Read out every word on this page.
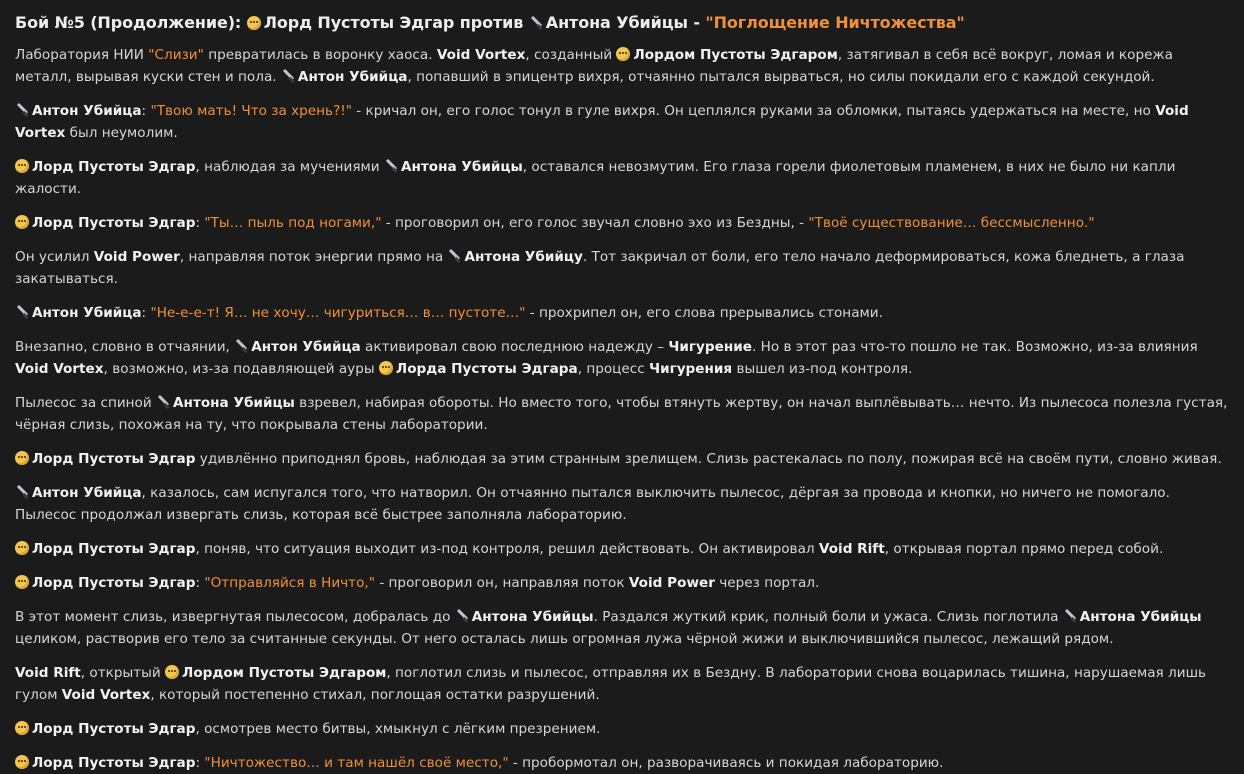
Бой №5 (Продолжение): Лорд Пустоты Эдгар против Антона Убийцы - "Поглощение Ничтожества"

Лаборатория НИИ "Слизи" превратилась в воронку хаоса. Void Vortex, созданный Лордом Пустоты Эдгаром, затягивал в себя всё вокруг, ломая и корежа металл, вырывая куски стен и пола. Антон Убийца, попавший в эпицентр вихря, отчаянно пытался вырваться, но силы покидали его с каждой секундой.

Антон Убийца: "Твою мать! Что за хрень?!" - кричал он, его голос тонул в гуле вихря. Он цеплялся руками за обломки, пытаясь удержаться на месте, но Void Vortex был неумолим.

Лорд Пустоты Эдгар, наблюдая за мучениями Антона Убийцы, оставался невозмутим. Его глаза горели фиолетовым пламенем, в них не было ни капли жалости.

Лорд Пустоты Эдгар: "Ты… пыль под ногами," - проговорил он, его голос звучал словно эхо из Бездны, - "Твоё существование… бессмысленно."

Он усилил Void Power, направляя поток энергии прямо на Антона Убийцу. Тот закричал от боли, его тело начало деформироваться, кожа бледнеть, а глаза закатываться.

Антон Убийца: "Не-е-е-т! Я… не хочу… чигуриться… в… пустоте…" - прохрипел он, его слова прерывались стонами.

Внезапно, словно в отчаянии, Антон Убийца активировал свою последнюю надежду – Чигурение. Но в этот раз что-то пошло не так. Возможно, из-за влияния Void Vortex, возможно, из-за подавляющей ауры Лорда Пустоты Эдгара, процесс Чигурения вышел из-под контроля.

Пылесос за спиной Антона Убийцы взревел, набирая обороты. Но вместо того, чтобы втянуть жертву, он начал выплёвывать… нечто. Из пылесоса полезла густая, чёрная слизь, похожая на ту, что покрывала стены лаборатории.

Лорд Пустоты Эдгар удивлённо приподнял бровь, наблюдая за этим странным зрелищем. Слизь растекалась по полу, пожирая всё на своём пути, словно живая.

Антон Убийца, казалось, сам испугался того, что натворил. Он отчаянно пытался выключить пылесос, дёргая за провода и кнопки, но ничего не помогало. Пылесос продолжал извергать слизь, которая всё быстрее заполняла лабораторию.

Лорд Пустоты Эдгар, поняв, что ситуация выходит из-под контроля, решил действовать. Он активировал Void Rift, открывая портал прямо перед собой.

Лорд Пустоты Эдгар: "Отправляйся в Ничто," - проговорил он, направляя поток Void Power через портал.

В этот момент слизь, извергнутая пылесосом, добралась до Антона Убийцы. Раздался жуткий крик, полный боли и ужаса. Слизь поглотила Антона Убийцы целиком, растворив его тело за считанные секунды. От него осталась лишь огромная лужа чёрной жижи и выключившийся пылесос, лежащий рядом.

Void Rift, открытый Лордом Пустоты Эдгаром, поглотил слизь и пылесос, отправляя их в Бездну. В лаборатории снова воцарилась тишина, нарушаемая лишь гулом Void Vortex, который постепенно стихал, поглощая остатки разрушений.

Лорд Пустоты Эдгар, осмотрев место битвы, хмыкнул с лёгким презрением.

Лорд Пустоты Эдгар: "Ничтожество… и там нашёл своё место," - пробормотал он, разворачиваясь и покидая лабораторию.
